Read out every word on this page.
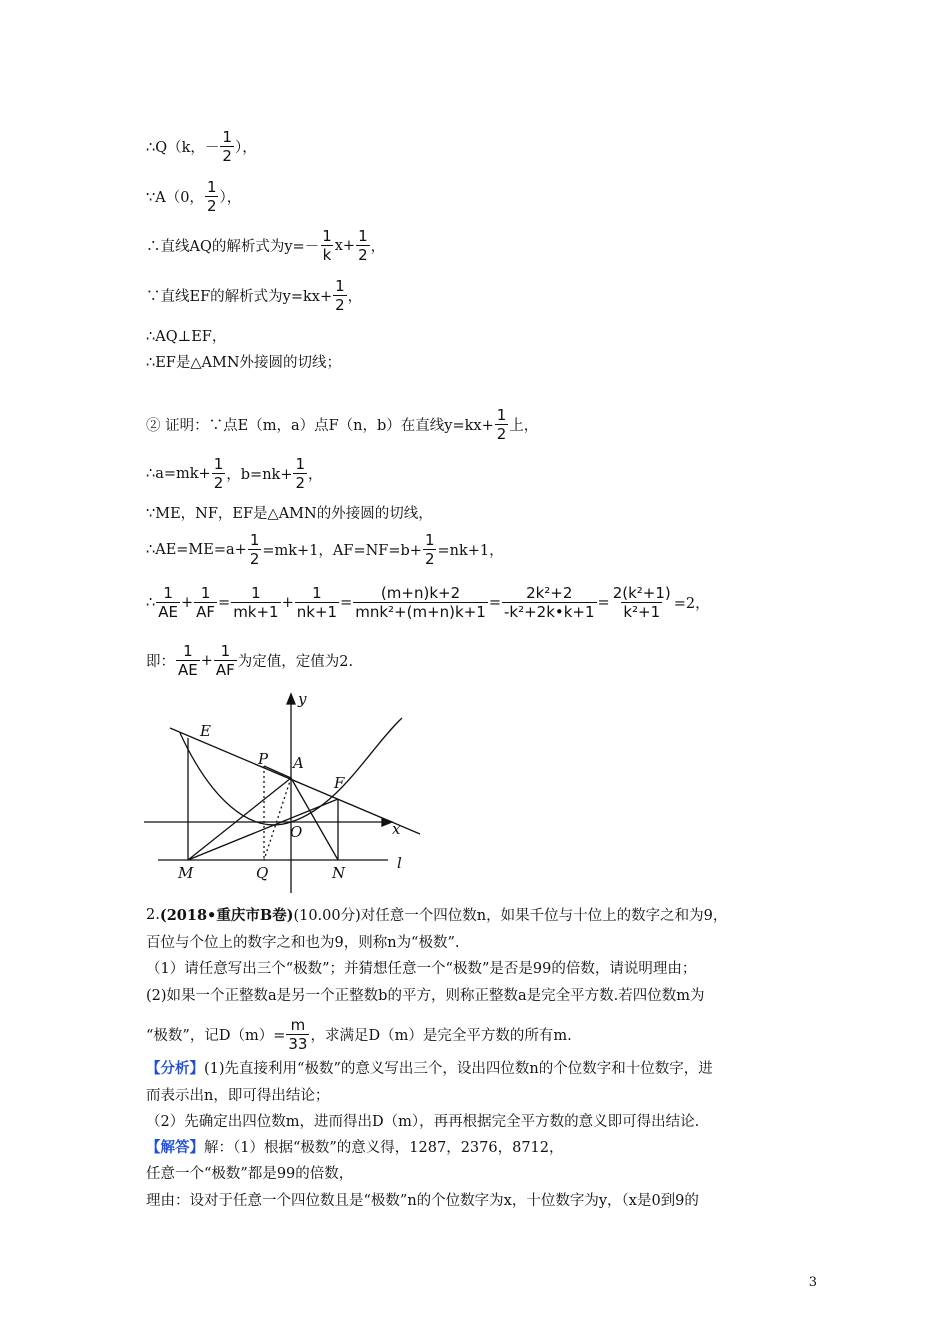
∴Q（k，－ $\frac{1}{2}$ ），
∵A（0， $\frac{1}{2}$ ），
∴直线AQ的解析式为$y=- \frac{1}{k} x+ \frac{1}{2}$ ，
∵直线EF的解析式为$y=kx+ \frac{1}{2}$ ，
∴AQ⊥EF，
∴EF是△AMN外接圆的切线；
② 证明：∵点E（m，a）点F（n，b）在直线$y=kx+ \frac{1}{2}$ 上，
∴a=mk+ $\frac{1}{2}$ ，$b=nk+ \frac{1}{2}$ ，
∵ME，NF，EF是△AMN的外接圆的切线，
∴AE=ME=a+ $\frac{1}{2} =mk+1$，$AF=NF=b+ \frac{1}{2} =nk+1$，
∴ $\frac{1}{AE} + \frac{1}{AF} = \frac{1}{mk+1} + \frac{1}{nk+1} = \frac{(m+n)k+2}{\text{mnk²+(m+n)k+1}} = \frac{\text{2k²+2}}{\text{-k²+2k•k+1}} = \frac{\text{2(k²+1)}}{\text{k²+1}} =2$，
即： $\frac{1}{AE} + \frac{1}{AF}$ 为定值，定值为2.
y
x
l
E
P A
F
O
M	Q	N
2. (2018•重庆市B卷) (10.00分) 对任意一个四位数n，如果千位与十位上的数字之和为9，
百位与个位上的数字之和也为9，则称n为“极数”.
（1）请任意写出三个“极数”；并猜想任意一个“极数”是否是99的倍数，请说明理由；
(2)如果一个正整数a是另一个正整数b的平方，则称正整数a是完全平方数.若四位数m为
“极数”，记$D(m)= \frac{m}{33}$ ，求满足D（m）是完全平方数的所有m.
【分析】 (1)先直接利用“极数”的意义写出三个，设出四位数n的个位数字和十位数字，进
而表示出n，即可得出结论；
（2）先确定出四位数m，进而得出D（m），再再根据完全平方数的意义即可得出结论.
【解答】 解：（1）根据“极数”的意义得，1287，2376，8712，
任意一个“极数”都是99的倍数，
理由：设对于任意一个四位数且是“极数”n的个位数字为x，十位数字为y，（x是0到9的
3
